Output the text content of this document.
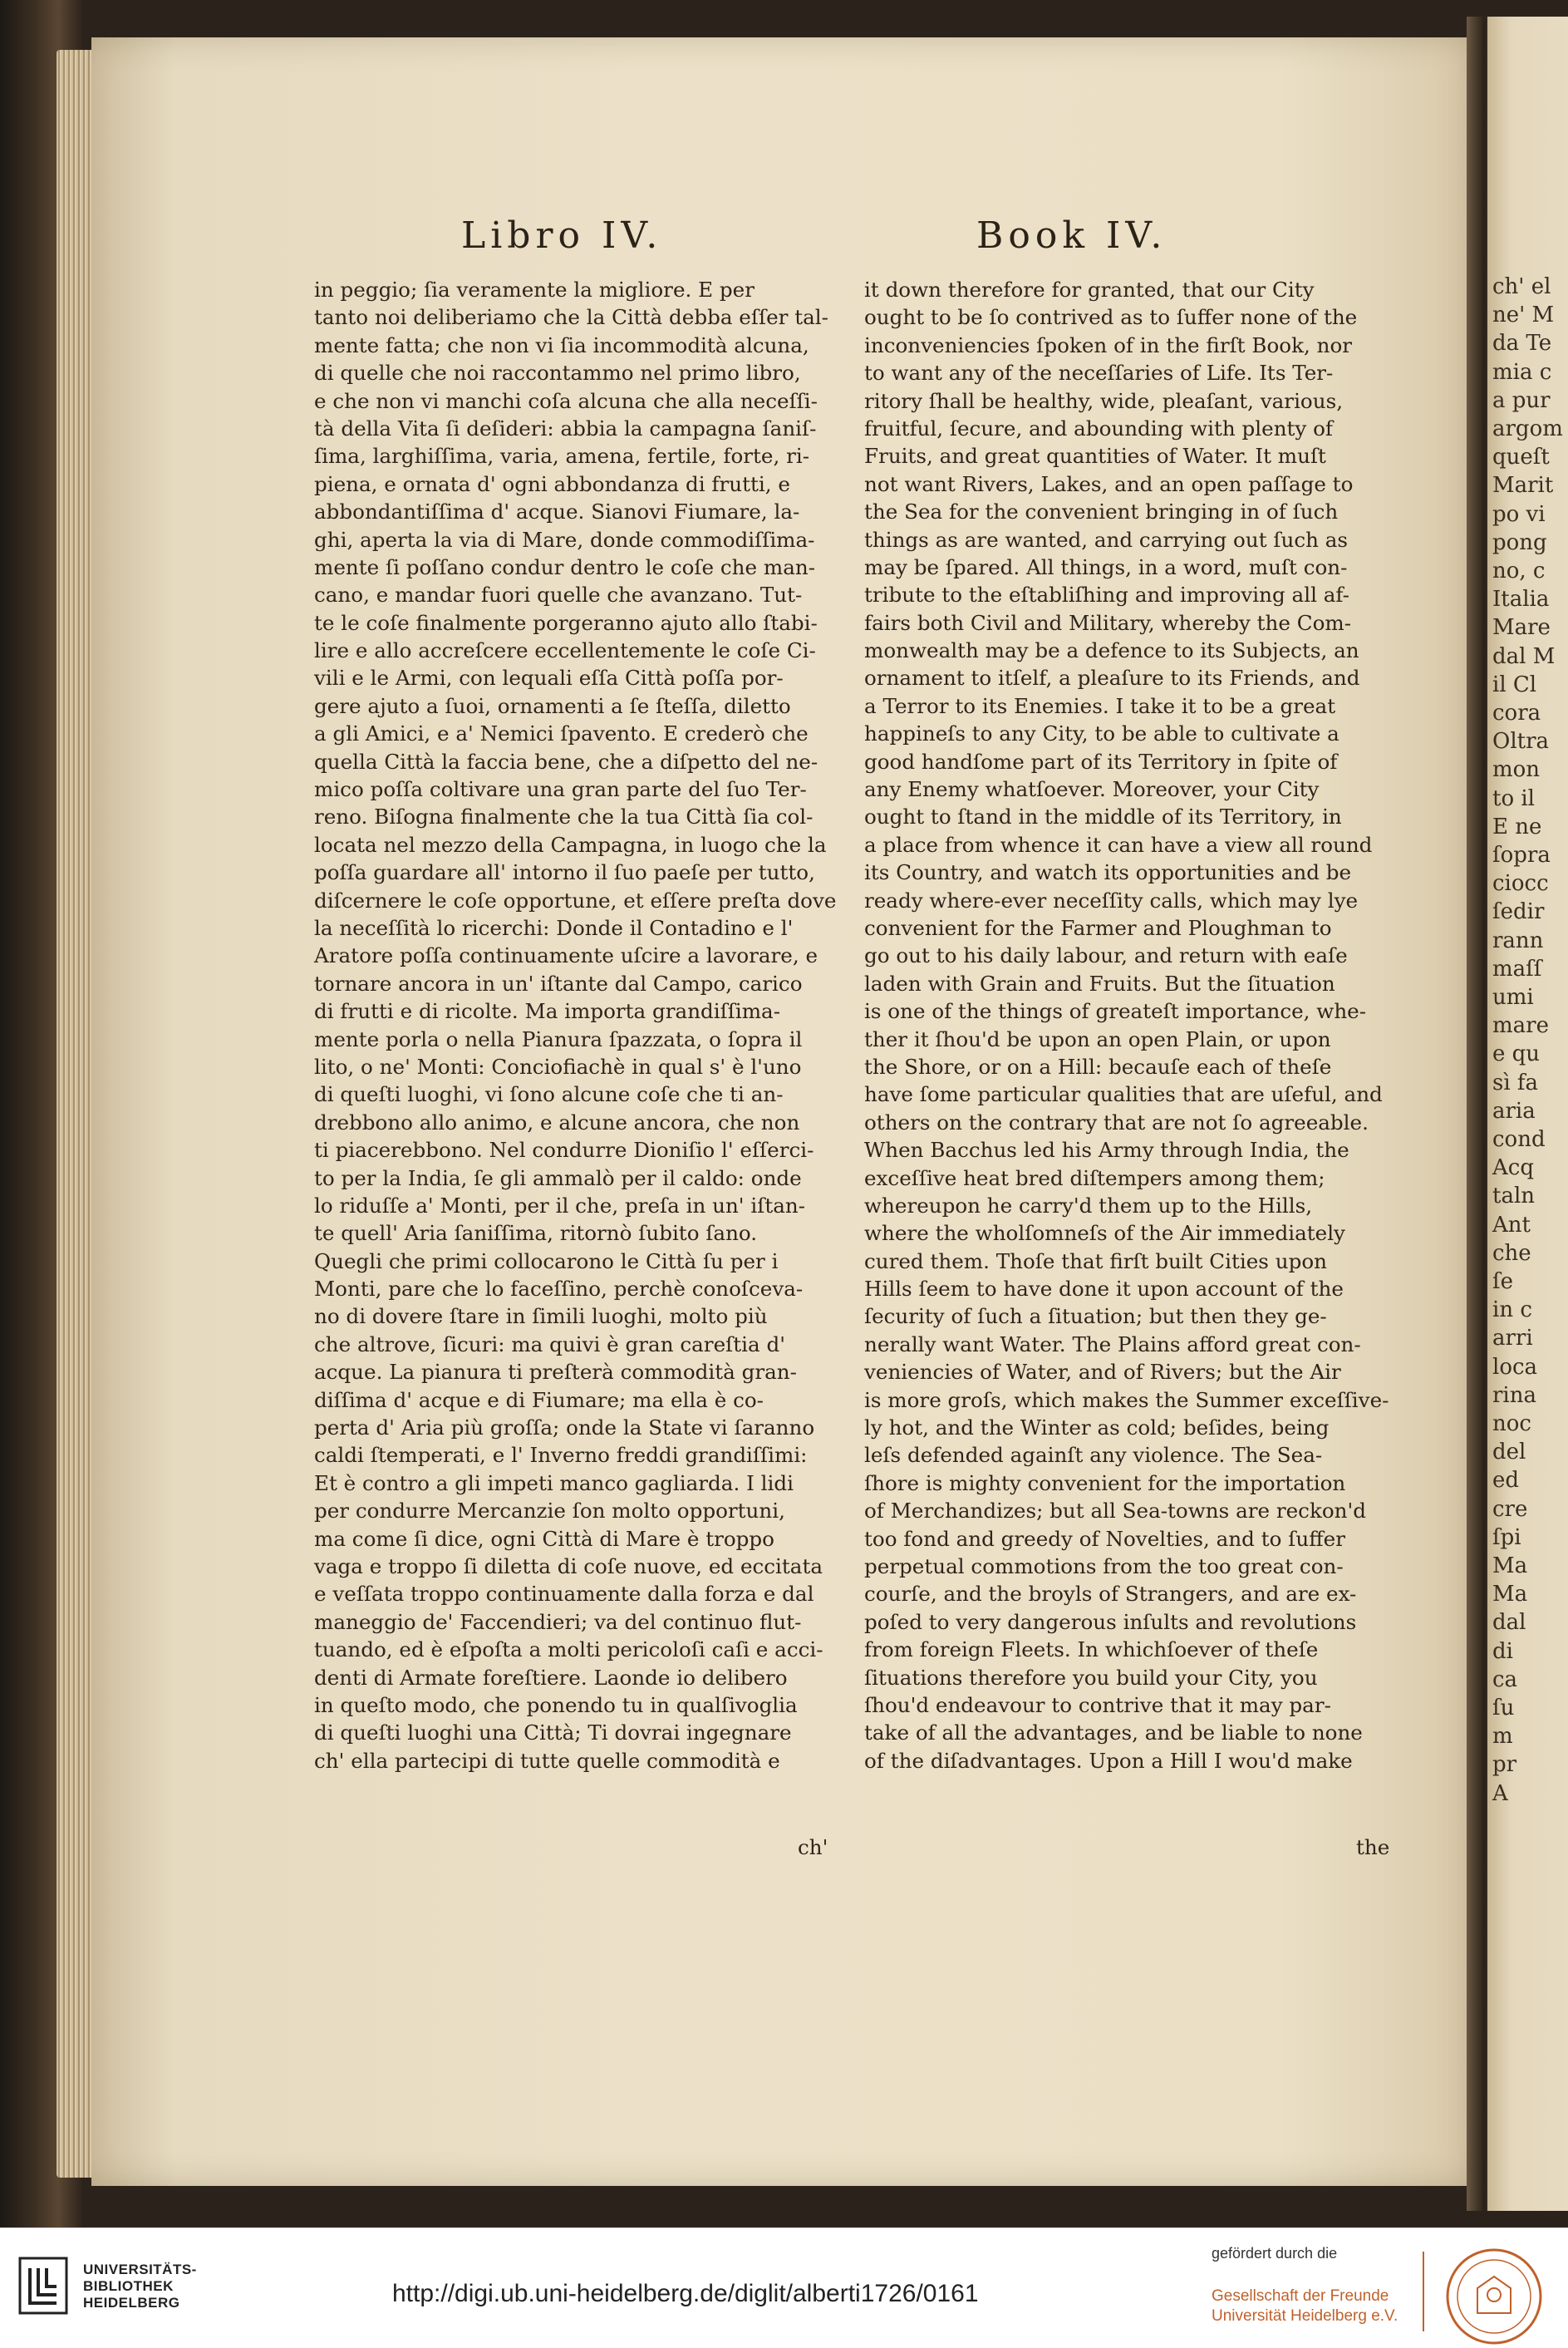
ch' el
ne' M
da Te
mia c
a pur
argom
queſt
Marit
po vi
pong
no, c
Italia
Mare
dal M
il Cl
cora
Oltra
mon
to il
E ne
ſopra
ciocc
ſedir
rann
maſſ
umi
mare
e qu
sì fa
aria
cond
Acq
taln
Ant
che
ſe
in c
arri
loca
rina
noc
del
ed
cre
ſpi
Ma
Ma
dal
di
ca
ſu
m
pr
A
Libro IV.	Book IV.
in peggio; ſia veramente la migliore. E per
tanto noi deliberiamo che la Città debba eſſer tal-
mente fatta; che non vi ſia incommodità alcuna,
di quelle che noi raccontammo nel primo libro,
e che non vi manchi coſa alcuna che alla neceſſi-
tà della Vita ſi deſideri: abbia la campagna ſaniſ-
ſima, larghiſſima, varia, amena, fertile, forte, ri-
piena, e ornata d' ogni abbondanza di frutti, e
abbondantiſſima d' acque. Sianovi Fiumare, la-
ghi, aperta la via di Mare, donde commodiſſima-
mente ſi poſſano condur dentro le coſe che man-
cano, e mandar fuori quelle che avanzano. Tut-
te le coſe finalmente porgeranno ajuto allo ſtabi-
lire e allo accreſcere eccellentemente le coſe Ci-
vili e le Armi, con lequali eſſa Città poſſa por-
gere ajuto a ſuoi, ornamenti a ſe ſteſſa, diletto
a gli Amici, e a' Nemici ſpavento. E crederò che
quella Città la faccia bene, che a diſpetto del ne-
mico poſſa coltivare una gran parte del ſuo Ter-
reno. Biſogna finalmente che la tua Città ſia col-
locata nel mezzo della Campagna, in luogo che la
poſſa guardare all' intorno il ſuo paeſe per tutto,
diſcernere le coſe opportune, et eſſere preſta dove
la neceſſità lo ricerchi: Donde il Contadino e l'
Aratore poſſa continuamente uſcire a lavorare, e
tornare ancora in un' iſtante dal Campo, carico
di frutti e di ricolte. Ma importa grandiſſima-
mente porla o nella Pianura ſpazzata, o ſopra il
lito, o ne' Monti: Conciofiachè in qual s' è l'uno
di queſti luoghi, vi ſono alcune coſe che ti an-
drebbono allo animo, e alcune ancora, che non
ti piacerebbono. Nel condurre Dioniſio l' eſſerci-
to per la India, ſe gli ammalò per il caldo: onde
lo riduſſe a' Monti, per il che, preſa in un' iſtan-
te quell' Aria ſaniſſima, ritornò ſubito ſano.
Quegli che primi collocarono le Città ſu per i
Monti, pare che lo faceſſino, perchè conoſceva-
no di dovere ſtare in ſimili luoghi, molto più
che altrove, ſicuri: ma quivi è gran careſtia d'
acque. La pianura ti preſterà commodità gran-
diſſima d' acque e di Fiumare; ma ella è co-
perta d' Aria più groſſa; onde la State vi ſaranno
caldi ſtemperati, e l' Inverno freddi grandiſſimi:
Et è contro a gli impeti manco gagliarda. I lidi
per condurre Mercanzie ſon molto opportuni,
ma come ſi dice, ogni Città di Mare è troppo
vaga e troppo ſi diletta di coſe nuove, ed eccitata
e veſſata troppo continuamente dalla forza e dal
maneggio de' Faccendieri; va del continuo flut-
tuando, ed è eſpoſta a molti pericoloſi caſi e acci-
denti di Armate foreſtiere. Laonde io delibero
in queſto modo, che ponendo tu in qualſivoglia
di queſti luoghi una Città; Ti dovrai ingegnare
ch' ella partecipi di tutte quelle commodità e
it down therefore for granted, that our City
ought to be ſo contrived as to ſuffer none of the
inconveniencies ſpoken of in the firſt Book, nor
to want any of the neceſſaries of Life. Its Ter-
ritory ſhall be healthy, wide, pleaſant, various,
fruitful, ſecure, and abounding with plenty of
Fruits, and great quantities of Water. It muſt
not want Rivers, Lakes, and an open paſſage to
the Sea for the convenient bringing in of ſuch
things as are wanted, and carrying out ſuch as
may be ſpared. All things, in a word, muſt con-
tribute to the eſtabliſhing and improving all af-
fairs both Civil and Military, whereby the Com-
monwealth may be a defence to its Subjects, an
ornament to itſelf, a pleaſure to its Friends, and
a Terror to its Enemies. I take it to be a great
happineſs to any City, to be able to cultivate a
good handſome part of its Territory in ſpite of
any Enemy whatſoever. Moreover, your City
ought to ſtand in the middle of its Territory, in
a place from whence it can have a view all round
its Country, and watch its opportunities and be
ready where-ever neceſſity calls, which may lye
convenient for the Farmer and Ploughman to
go out to his daily labour, and return with eaſe
laden with Grain and Fruits. But the ſituation
is one of the things of greateſt importance, whe-
ther it ſhou'd be upon an open Plain, or upon
the Shore, or on a Hill: becauſe each of theſe
have ſome particular qualities that are uſeful, and
others on the contrary that are not ſo agreeable.
When Bacchus led his Army through India, the
exceſſive heat bred diſtempers among them;
whereupon he carry'd them up to the Hills,
where the wholſomneſs of the Air immediately
cured them. Thoſe that firſt built Cities upon
Hills ſeem to have done it upon account of the
ſecurity of ſuch a ſituation; but then they ge-
nerally want Water. The Plains afford great con-
veniencies of Water, and of Rivers; but the Air
is more groſs, which makes the Summer exceſſive-
ly hot, and the Winter as cold; beſides, being
leſs defended againſt any violence. The Sea-
ſhore is mighty convenient for the importation
of Merchandizes; but all Sea-towns are reckon'd
too fond and greedy of Novelties, and to ſuffer
perpetual commotions from the too great con-
courſe, and the broyls of Strangers, and are ex-
poſed to very dangerous inſults and revolutions
from foreign Fleets. In whichſoever of theſe
ſituations therefore you build your City, you
ſhou'd endeavour to contrive that it may par-
take of all the advantages, and be liable to none
of the diſadvantages. Upon a Hill I wou'd make
ch'	the
UNIVERSITÄTS-
BIBLIOTHEK
HEIDELBERG	http://digi.ub.uni-heidelberg.de/diglit/alberti1726/0161
gefördert durch die
Gesellschaft der Freunde
Universität Heidelberg e.V.
